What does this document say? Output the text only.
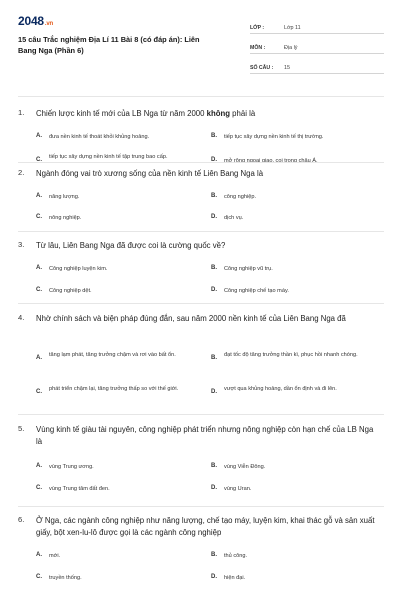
2048.vn
15 câu Trắc nghiệm Địa Lí 11 Bài 8 (có đáp án): Liên Bang Nga (Phần 6)
LỚP :	Lớp 11
MÔN :	Địa lý
SỐ CÂU : 15
1. Chiến lược kinh tế mới của LB Nga từ năm 2000 không phải là
A. đưa nền kinh tế thoát khỏi khủng hoảng.	B. tiếp tục xây dựng nền kinh tế thị trường.
C. tiếp tục xây dựng nền kinh tế tập trung bao cấp.	D. mở rộng ngoại giao, coi trọng châu Á.
2. Ngành đóng vai trò xương sống của nền kinh tế Liên Bang Nga là
A. năng lượng.	B. công nghiệp.
C. nông nghiệp.	D. dịch vụ.
3. Từ lâu, Liên Bang Nga đã được coi là cường quốc về?
A. Công nghiệp luyện kim.	B. Công nghiệp vũ trụ.
C. Công nghiệp dệt.	D. Công nghiệp chế tạo máy.
4. Nhờ chính sách và biện pháp đúng đắn, sau năm 2000 nền kinh tế của Liên Bang Nga đã
A. tăng lạm phát, tăng trưởng chậm và rơi vào bất ổn.	B. đạt tốc độ tăng trưởng thần kì, phục hồi nhanh chóng.
C. phát triển chậm lại, tăng trưởng thấp so với thế giới.	D. vượt qua khủng hoảng, dần ổn định và đi lên.
5. Vùng kinh tế giàu tài nguyên, công nghiệp phát triển nhưng nông nghiệp còn hạn chế của LB Nga là
A. vùng Trung ương.	B. vùng Viễn Đông.
C. vùng Trung tâm đất đen.	D. vùng Uran.
6. Ở Nga, các ngành công nghiệp như năng lượng, chế tạo máy, luyện kim, khai thác gỗ và sản xuất giấy, bột xen-lu-lô được gọi là các ngành công nghiệp
A. mới.	B. thủ công.
C. truyền thống.	D. hiện đại.
